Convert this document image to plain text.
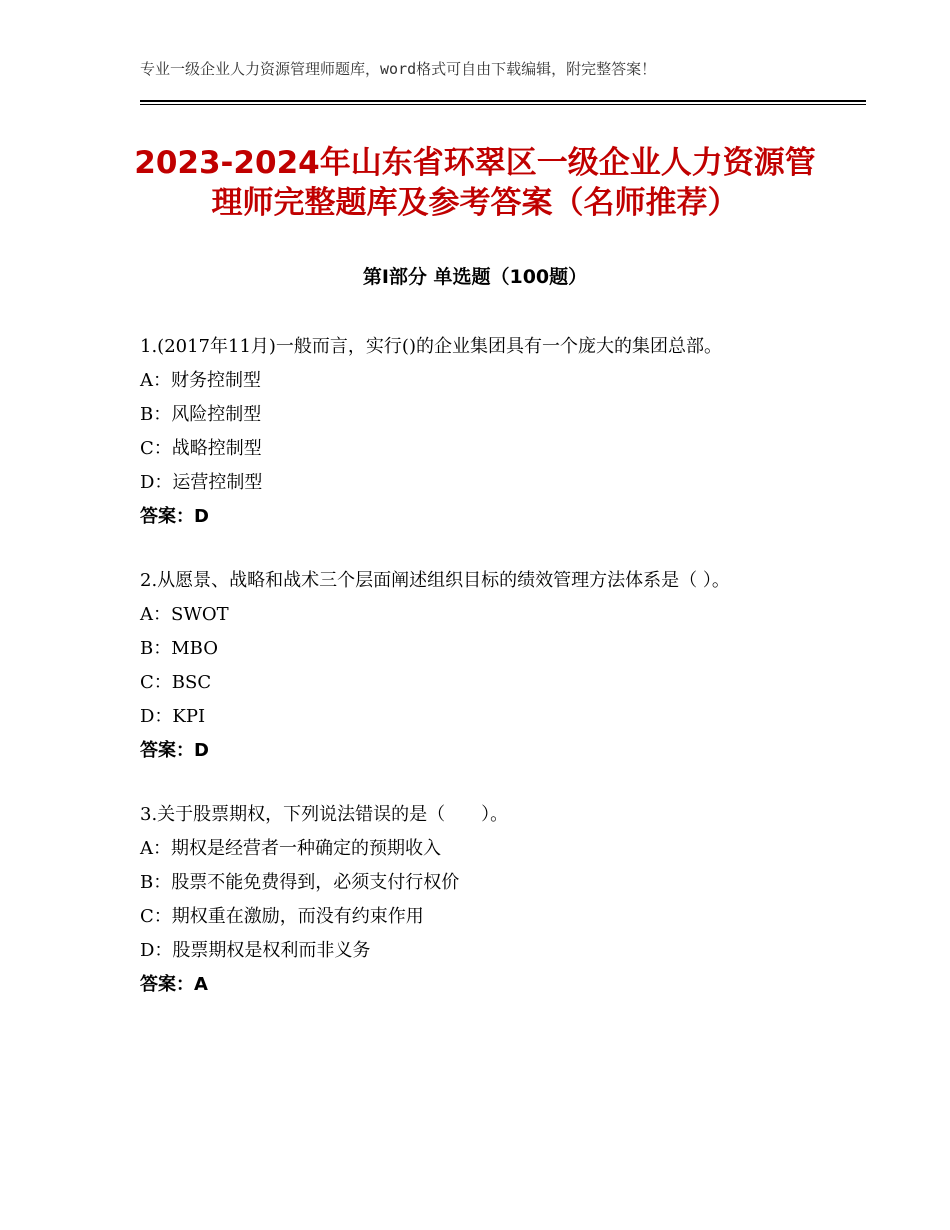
专业一级企业人力资源管理师题库，word格式可自由下载编辑，附完整答案！
2023-2024年山东省环翠区一级企业人力资源管理师完整题库及参考答案（名师推荐）
第Ⅰ部分 单选题（100题）
1.(2017年11月)一般而言，实行()的企业集团具有一个庞大的集团总部。
A：财务控制型
B：风险控制型
C：战略控制型
D：运营控制型
答案：D
2.从愿景、战略和战术三个层面阐述组织目标的绩效管理方法体系是（ ）。
A：SWOT
B：MBO
C：BSC
D：KPI
答案：D
3.关于股票期权，下列说法错误的是（　　）。
A：期权是经营者一种确定的预期收入
B：股票不能免费得到，必须支付行权价
C：期权重在激励，而没有约束作用
D：股票期权是权利而非义务
答案：A
